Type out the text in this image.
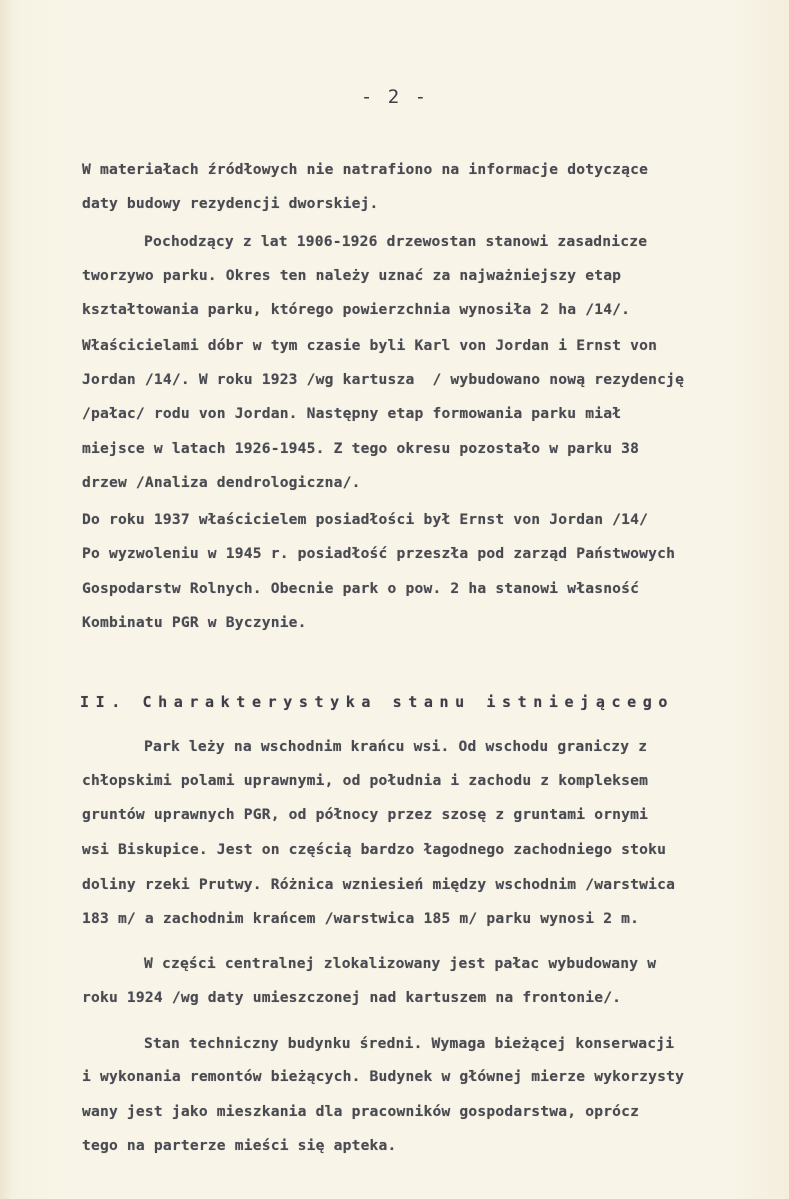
- 2 -
W materiałach źródłowych nie natrafiono na informacje dotyczące
daty budowy rezydencji dworskiej.
Pochodzący z lat 1906-1926 drzewostan stanowi zasadnicze
tworzywo parku. Okres ten należy uznać za najważniejszy etap
kształtowania parku, którego powierzchnia wynosiła 2 ha /14/.
Właścicielami dóbr w tym czasie byli Karl von Jordan i Ernst von
Jordan /14/. W roku 1923 /wg kartusza  / wybudowano nową rezydencję
/pałac/ rodu von Jordan. Następny etap formowania parku miał
miejsce w latach 1926-1945. Z tego okresu pozostało w parku 38
drzew /Analiza dendrologiczna/.
Do roku 1937 właścicielem posiadłości był Ernst von Jordan /14/
Po wyzwoleniu w 1945 r. posiadłość przeszła pod zarząd Państwowych
Gospodarstw Rolnych. Obecnie park o pow. 2 ha stanowi własność
Kombinatu PGR w Byczynie.
II. Charakterystyka stanu istniejącego
Park leży na wschodnim krańcu wsi. Od wschodu graniczy z
chłopskimi polami uprawnymi, od południa i zachodu z kompleksem
gruntów uprawnych PGR, od północy przez szosę z gruntami ornymi
wsi Biskupice. Jest on częścią bardzo łagodnego zachodniego stoku
doliny rzeki Prutwy. Różnica wzniesień między wschodnim /warstwica
183 m/ a zachodnim krańcem /warstwica 185 m/ parku wynosi 2 m.
W części centralnej zlokalizowany jest pałac wybudowany w
roku 1924 /wg daty umieszczonej nad kartuszem na frontonie/.
Stan techniczny budynku średni. Wymaga bieżącej konserwacji
i wykonania remontów bieżących. Budynek w głównej mierze wykorzysty
wany jest jako mieszkania dla pracowników gospodarstwa, oprócz
tego na parterze mieści się apteka.
